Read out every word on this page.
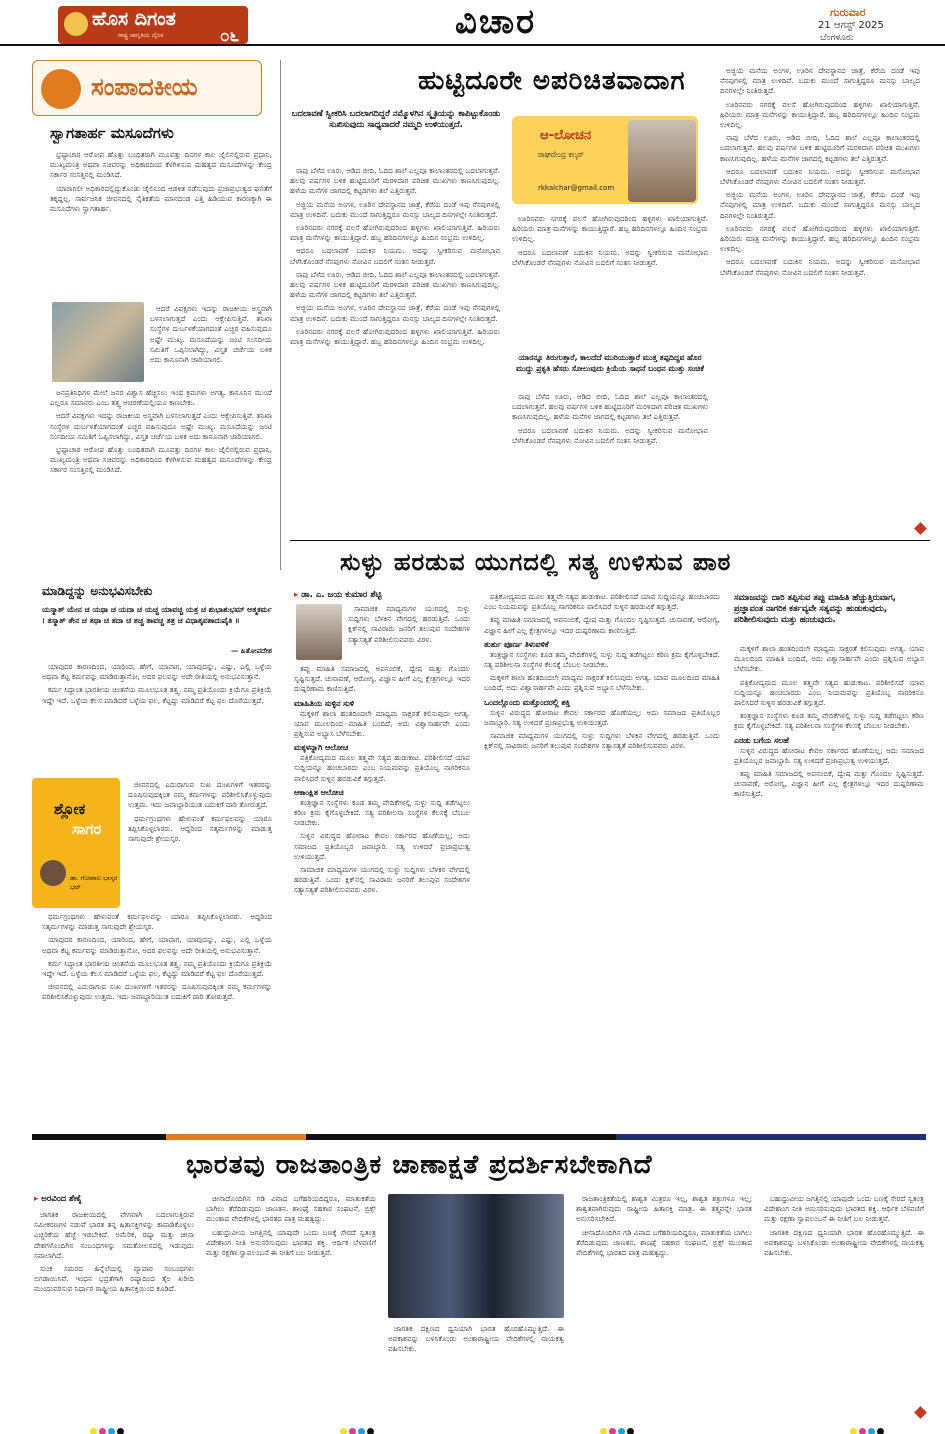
ಹೊಸ ದಿಗಂತ
ರಾಷ್ಟ್ರ ಜಾಗೃತಿಯ ದೈನಿಕ	೦೬	ವಿಚಾರ	ಗುರುವಾರ
21 ಆಗಸ್ಟ್ 2025
ಬೆಂಗಳೂರು
ಸಂಪಾದಕೀಯ
ಸ್ವಾಗತಾರ್ಹ ಮಸೂದೆಗಳು

ಭ್ರಷ್ಟಾಚಾರ ಆರೋಪ ಹೊತ್ತು ಬಂಧಿತರಾಗಿ ಮೂವತ್ತು ದಿನಗಳ ಕಾಲ ಜೈಲಿನಲ್ಲಿರುವ ಪ್ರಧಾನಿ, ಮುಖ್ಯಮಂತ್ರಿ ಅಥವಾ ಸಚಿವರನ್ನು ಅಧಿಕಾರದಿಂದ ಕೆಳಗಿಳಿಸುವ ಮಹತ್ವದ ಮಸೂದೆಗಳನ್ನು ಕೇಂದ್ರ ಸರ್ಕಾರ ಸಂಸತ್ತಿನಲ್ಲಿ ಮಂಡಿಸಿದೆ.

ಯಾರಾಗಲೀ ಅಧಿಕಾರದಲ್ಲಿದ್ದುಕೊಂಡು ಜೈಲಿನಿಂದ ಆಡಳಿತ ನಡೆಸುವುದು ಪ್ರಜಾಪ್ರಭುತ್ವದ ಘನತೆಗೆ ತಕ್ಕದ್ದಲ್ಲ. ಸಾರ್ವಜನಿಕ ಜೀವನದಲ್ಲಿ ನೈತಿಕತೆಯ ಮಾನದಂಡ ಎತ್ತಿ ಹಿಡಿಯುವ ಕಾರಣಕ್ಕಾಗಿ ಈ ಮಸೂದೆಗಳು ಸ್ವಾಗತಾರ್ಹ.

ಆದರೆ ವಿಪಕ್ಷಗಳು ಇದನ್ನು ರಾಜಕೀಯ ಅಸ್ತ್ರವಾಗಿ ಬಳಸಲಾಗುತ್ತದೆ ಎಂದು ಆಕ್ಷೇಪಿಸುತ್ತಿವೆ. ತನಿಖಾ ಸಂಸ್ಥೆಗಳ ದುರ್ಬಳಕೆಯಾಗದಂತೆ ಎಚ್ಚರ ವಹಿಸುವುದೂ ಅಷ್ಟೇ ಮುಖ್ಯ. ಮಸೂದೆಯನ್ನು ಜಂಟಿ ಸಂಸದೀಯ ಸಮಿತಿಗೆ ಒಪ್ಪಿಸಲಾಗಿದ್ದು, ವಿಸ್ತೃತ ಚರ್ಚೆಯ ಬಳಿಕ ಅದು ಕಾನೂನಾಗಿ ಜಾರಿಯಾಗಲಿ.

ಜನಪ್ರತಿನಿಧಿಗಳ ಮೇಲೆ ಜನರ ವಿಶ್ವಾಸ ಹೆಚ್ಚಿಸಲು ಇಂಥ ಕ್ರಮಗಳು ಅಗತ್ಯ. ಕಾನೂನಿನ ಮುಂದೆ ಎಲ್ಲರೂ ಸಮಾನರು ಎಂಬ ತತ್ತ್ವ ಆಚರಣೆಯಲ್ಲಿಯೂ ಕಾಣಬೇಕು.

ಆದರೆ ವಿಪಕ್ಷಗಳು ಇದನ್ನು ರಾಜಕೀಯ ಅಸ್ತ್ರವಾಗಿ ಬಳಸಲಾಗುತ್ತದೆ ಎಂದು ಆಕ್ಷೇಪಿಸುತ್ತಿವೆ. ತನಿಖಾ ಸಂಸ್ಥೆಗಳ ದುರ್ಬಳಕೆಯಾಗದಂತೆ ಎಚ್ಚರ ವಹಿಸುವುದೂ ಅಷ್ಟೇ ಮುಖ್ಯ. ಮಸೂದೆಯನ್ನು ಜಂಟಿ ಸಂಸದೀಯ ಸಮಿತಿಗೆ ಒಪ್ಪಿಸಲಾಗಿದ್ದು, ವಿಸ್ತೃತ ಚರ್ಚೆಯ ಬಳಿಕ ಅದು ಕಾನೂನಾಗಿ ಜಾರಿಯಾಗಲಿ.

ಭ್ರಷ್ಟಾಚಾರ ಆರೋಪ ಹೊತ್ತು ಬಂಧಿತರಾಗಿ ಮೂವತ್ತು ದಿನಗಳ ಕಾಲ ಜೈಲಿನಲ್ಲಿರುವ ಪ್ರಧಾನಿ, ಮುಖ್ಯಮಂತ್ರಿ ಅಥವಾ ಸಚಿವರನ್ನು ಅಧಿಕಾರದಿಂದ ಕೆಳಗಿಳಿಸುವ ಮಹತ್ವದ ಮಸೂದೆಗಳನ್ನು ಕೇಂದ್ರ ಸರ್ಕಾರ ಸಂಸತ್ತಿನಲ್ಲಿ ಮಂಡಿಸಿದೆ.

ಹುಟ್ಟಿದೂರೇ ಅಪರಿಚಿತವಾದಾಗ
ಬದಲಾವಣೆ ಸ್ವೀಕರಿಸಿ ಬದಲಾಗದಿದ್ದರೆ ನಮ್ಮೊಳಗಿನ ಸ್ಮೃತಿಯನ್ನು ಕಾಪಿಟ್ಟುಕೊಂಡು ಸುಖಿಸುವುದು ಸಾಧ್ಯವಾದರೆ ನಮ್ಮದಿ ಉಳಿಯುತ್ತದೆ.
ಆ-ಲೋಚನ
ರಾಘವೇಂದ್ರ ಕಲ್ಕರ್
rkkalchar@gmail.com

ನಾವು ಬೆಳೆದ ಊರು, ಆಡಿದ ಬೀದಿ, ಓದಿದ ಶಾಲೆ ಎಲ್ಲವೂ ಕಾಲಾಂತರದಲ್ಲಿ ಬದಲಾಗುತ್ತವೆ. ಹಲವು ವರ್ಷಗಳ ಬಳಿಕ ಹುಟ್ಟಿದೂರಿಗೆ ಮರಳಿದಾಗ ಪರಿಚಿತ ಮುಖಗಳು ಕಾಣಸಿಗುವುದಿಲ್ಲ. ಹಳೆಯ ಮನೆಗಳ ಜಾಗದಲ್ಲಿ ಕಟ್ಟಡಗಳು ತಲೆ ಎತ್ತಿರುತ್ತವೆ.

ಅಜ್ಜಿಯ ಮನೆಯ ಅಂಗಳ, ಊರಿನ ದೇವಸ್ಥಾನದ ಜಾತ್ರೆ, ಕೆರೆಯ ದಂಡೆ ಇವು ನೆನಪುಗಳಲ್ಲಿ ಮಾತ್ರ ಉಳಿದಿವೆ. ಬದುಕು ಮುಂದೆ ಸಾಗುತ್ತಿದ್ದರೂ ಮನಸ್ಸು ಬಾಲ್ಯದ ದಿನಗಳಲ್ಲೇ ನಿಂತಿರುತ್ತದೆ.

ಊರಿನವರು ನಗರಕ್ಕೆ ವಲಸೆ ಹೋಗಿರುವುದರಿಂದ ಹಳ್ಳಿಗಳು ಖಾಲಿಯಾಗುತ್ತಿವೆ. ಹಿರಿಯರು ಮಾತ್ರ ಮನೆಗಳನ್ನು ಕಾಯುತ್ತಿದ್ದಾರೆ. ಹಬ್ಬ ಹರಿದಿನಗಳಲ್ಲೂ ಹಿಂದಿನ ಸಂಭ್ರಮ ಉಳಿದಿಲ್ಲ.

ಆದರೂ ಬದಲಾವಣೆ ಬದುಕಿನ ನಿಯಮ. ಅದನ್ನು ಸ್ವೀಕರಿಸುವ ಮನೋಭಾವ ಬೆಳೆಸಿಕೊಂಡರೆ ನೆನಪುಗಳು ನೋವಿನ ಬದಲಿಗೆ ಸಂತಸ ನೀಡುತ್ತವೆ.

ನಾವು ಬೆಳೆದ ಊರು, ಆಡಿದ ಬೀದಿ, ಓದಿದ ಶಾಲೆ ಎಲ್ಲವೂ ಕಾಲಾಂತರದಲ್ಲಿ ಬದಲಾಗುತ್ತವೆ. ಹಲವು ವರ್ಷಗಳ ಬಳಿಕ ಹುಟ್ಟಿದೂರಿಗೆ ಮರಳಿದಾಗ ಪರಿಚಿತ ಮುಖಗಳು ಕಾಣಸಿಗುವುದಿಲ್ಲ. ಹಳೆಯ ಮನೆಗಳ ಜಾಗದಲ್ಲಿ ಕಟ್ಟಡಗಳು ತಲೆ ಎತ್ತಿರುತ್ತವೆ.

ಅಜ್ಜಿಯ ಮನೆಯ ಅಂಗಳ, ಊರಿನ ದೇವಸ್ಥಾನದ ಜಾತ್ರೆ, ಕೆರೆಯ ದಂಡೆ ಇವು ನೆನಪುಗಳಲ್ಲಿ ಮಾತ್ರ ಉಳಿದಿವೆ. ಬದುಕು ಮುಂದೆ ಸಾಗುತ್ತಿದ್ದರೂ ಮನಸ್ಸು ಬಾಲ್ಯದ ದಿನಗಳಲ್ಲೇ ನಿಂತಿರುತ್ತದೆ.

ಊರಿನವರು ನಗರಕ್ಕೆ ವಲಸೆ ಹೋಗಿರುವುದರಿಂದ ಹಳ್ಳಿಗಳು ಖಾಲಿಯಾಗುತ್ತಿವೆ. ಹಿರಿಯರು ಮಾತ್ರ ಮನೆಗಳನ್ನು ಕಾಯುತ್ತಿದ್ದಾರೆ. ಹಬ್ಬ ಹರಿದಿನಗಳಲ್ಲೂ ಹಿಂದಿನ ಸಂಭ್ರಮ ಉಳಿದಿಲ್ಲ.

ಊರಿನವರು ನಗರಕ್ಕೆ ವಲಸೆ ಹೋಗಿರುವುದರಿಂದ ಹಳ್ಳಿಗಳು ಖಾಲಿಯಾಗುತ್ತಿವೆ. ಹಿರಿಯರು ಮಾತ್ರ ಮನೆಗಳನ್ನು ಕಾಯುತ್ತಿದ್ದಾರೆ. ಹಬ್ಬ ಹರಿದಿನಗಳಲ್ಲೂ ಹಿಂದಿನ ಸಂಭ್ರಮ ಉಳಿದಿಲ್ಲ.

ಆದರೂ ಬದಲಾವಣೆ ಬದುಕಿನ ನಿಯಮ. ಅದನ್ನು ಸ್ವೀಕರಿಸುವ ಮನೋಭಾವ ಬೆಳೆಸಿಕೊಂಡರೆ ನೆನಪುಗಳು ನೋವಿನ ಬದಲಿಗೆ ಸಂತಸ ನೀಡುತ್ತವೆ.

ಯಾರನ್ನೂ ತಿರುಗುತ್ತಾರೆ, ಕಾಲದೆದೆ ಮುರಿಯುತ್ತಾರೆ ಮುತ್ತ ತಪ್ಪದಿದ್ದವ ಹೊರ ಮುದ್ದು ಪ್ರಕೃತಿ ಹೆಸರು ಸೋಲುವುದು ಕ್ರಿಯೆಯ ಸಾಧನೆ ಬಂಧನ ಮುತ್ತು ಸಂಚಿಕೆ

ನಾವು ಬೆಳೆದ ಊರು, ಆಡಿದ ಬೀದಿ, ಓದಿದ ಶಾಲೆ ಎಲ್ಲವೂ ಕಾಲಾಂತರದಲ್ಲಿ ಬದಲಾಗುತ್ತವೆ. ಹಲವು ವರ್ಷಗಳ ಬಳಿಕ ಹುಟ್ಟಿದೂರಿಗೆ ಮರಳಿದಾಗ ಪರಿಚಿತ ಮುಖಗಳು ಕಾಣಸಿಗುವುದಿಲ್ಲ. ಹಳೆಯ ಮನೆಗಳ ಜಾಗದಲ್ಲಿ ಕಟ್ಟಡಗಳು ತಲೆ ಎತ್ತಿರುತ್ತವೆ.

ಆದರೂ ಬದಲಾವಣೆ ಬದುಕಿನ ನಿಯಮ. ಅದನ್ನು ಸ್ವೀಕರಿಸುವ ಮನೋಭಾವ ಬೆಳೆಸಿಕೊಂಡರೆ ನೆನಪುಗಳು ನೋವಿನ ಬದಲಿಗೆ ಸಂತಸ ನೀಡುತ್ತವೆ.

ಅಜ್ಜಿಯ ಮನೆಯ ಅಂಗಳ, ಊರಿನ ದೇವಸ್ಥಾನದ ಜಾತ್ರೆ, ಕೆರೆಯ ದಂಡೆ ಇವು ನೆನಪುಗಳಲ್ಲಿ ಮಾತ್ರ ಉಳಿದಿವೆ. ಬದುಕು ಮುಂದೆ ಸಾಗುತ್ತಿದ್ದರೂ ಮನಸ್ಸು ಬಾಲ್ಯದ ದಿನಗಳಲ್ಲೇ ನಿಂತಿರುತ್ತದೆ.

ಊರಿನವರು ನಗರಕ್ಕೆ ವಲಸೆ ಹೋಗಿರುವುದರಿಂದ ಹಳ್ಳಿಗಳು ಖಾಲಿಯಾಗುತ್ತಿವೆ. ಹಿರಿಯರು ಮಾತ್ರ ಮನೆಗಳನ್ನು ಕಾಯುತ್ತಿದ್ದಾರೆ. ಹಬ್ಬ ಹರಿದಿನಗಳಲ್ಲೂ ಹಿಂದಿನ ಸಂಭ್ರಮ ಉಳಿದಿಲ್ಲ.

ನಾವು ಬೆಳೆದ ಊರು, ಆಡಿದ ಬೀದಿ, ಓದಿದ ಶಾಲೆ ಎಲ್ಲವೂ ಕಾಲಾಂತರದಲ್ಲಿ ಬದಲಾಗುತ್ತವೆ. ಹಲವು ವರ್ಷಗಳ ಬಳಿಕ ಹುಟ್ಟಿದೂರಿಗೆ ಮರಳಿದಾಗ ಪರಿಚಿತ ಮುಖಗಳು ಕಾಣಸಿಗುವುದಿಲ್ಲ. ಹಳೆಯ ಮನೆಗಳ ಜಾಗದಲ್ಲಿ ಕಟ್ಟಡಗಳು ತಲೆ ಎತ್ತಿರುತ್ತವೆ.

ಆದರೂ ಬದಲಾವಣೆ ಬದುಕಿನ ನಿಯಮ. ಅದನ್ನು ಸ್ವೀಕರಿಸುವ ಮನೋಭಾವ ಬೆಳೆಸಿಕೊಂಡರೆ ನೆನಪುಗಳು ನೋವಿನ ಬದಲಿಗೆ ಸಂತಸ ನೀಡುತ್ತವೆ.

ಅಜ್ಜಿಯ ಮನೆಯ ಅಂಗಳ, ಊರಿನ ದೇವಸ್ಥಾನದ ಜಾತ್ರೆ, ಕೆರೆಯ ದಂಡೆ ಇವು ನೆನಪುಗಳಲ್ಲಿ ಮಾತ್ರ ಉಳಿದಿವೆ. ಬದುಕು ಮುಂದೆ ಸಾಗುತ್ತಿದ್ದರೂ ಮನಸ್ಸು ಬಾಲ್ಯದ ದಿನಗಳಲ್ಲೇ ನಿಂತಿರುತ್ತದೆ.

ಊರಿನವರು ನಗರಕ್ಕೆ ವಲಸೆ ಹೋಗಿರುವುದರಿಂದ ಹಳ್ಳಿಗಳು ಖಾಲಿಯಾಗುತ್ತಿವೆ. ಹಿರಿಯರು ಮಾತ್ರ ಮನೆಗಳನ್ನು ಕಾಯುತ್ತಿದ್ದಾರೆ. ಹಬ್ಬ ಹರಿದಿನಗಳಲ್ಲೂ ಹಿಂದಿನ ಸಂಭ್ರಮ ಉಳಿದಿಲ್ಲ.

ಆದರೂ ಬದಲಾವಣೆ ಬದುಕಿನ ನಿಯಮ. ಅದನ್ನು ಸ್ವೀಕರಿಸುವ ಮನೋಭಾವ ಬೆಳೆಸಿಕೊಂಡರೆ ನೆನಪುಗಳು ನೋವಿನ ಬದಲಿಗೆ ಸಂತಸ ನೀಡುತ್ತವೆ.

ಮಾಡಿದ್ದನ್ನು ಅನುಭವಿಸಬೇಕು
ಯಸ್ಮಾತ್ ಯೇನ ಚ ಯಥಾ ಚ ಯದಾ ಚ ಯಚ್ಚ ಯಾವಚ್ಚ ಯತ್ರ ಚ ಶುಭಾಶುಭಮ್ ಆತ್ಮಕರ್ಮ । ತಸ್ಮಾತ್ ತೇನ ಚ ತಥಾ ಚ ತದಾ ಚ ತಚ್ಚ ತಾವಚ್ಚ ತತ್ರ ಚ ವಿಧಾತೃವಶಾದುಪೈತಿ ॥
— ಹಿತೋಪದೇಶ

ಯಾವುದರ ಕಾರಣದಿಂದ, ಯಾರಿಂದ, ಹೇಗೆ, ಯಾವಾಗ, ಯಾವುದನ್ನು, ಎಷ್ಟು, ಎಲ್ಲಿ ಒಳ್ಳೆಯ ಅಥವಾ ಕೆಟ್ಟ ಕರ್ಮವನ್ನು ಮಾಡಿರುತ್ತಾನೋ, ಅದರ ಫಲವನ್ನು ಅದೇ ರೀತಿಯಲ್ಲಿ ಅನುಭವಿಸುತ್ತಾನೆ.

ಕರ್ಮ ಸಿದ್ಧಾಂತ ಭಾರತೀಯ ಚಿಂತನೆಯ ಮೂಲಭೂತ ತತ್ತ್ವ. ನಮ್ಮ ಪ್ರತಿಯೊಂದು ಕ್ರಿಯೆಗೂ ಪ್ರತಿಕ್ರಿಯೆ ಇದ್ದೇ ಇದೆ. ಒಳ್ಳೆಯ ಕೆಲಸ ಮಾಡಿದರೆ ಒಳ್ಳೆಯ ಫಲ, ಕೆಟ್ಟದ್ದು ಮಾಡಿದರೆ ಕೆಟ್ಟ ಫಲ ದೊರೆಯುತ್ತದೆ.

ಶ್ಲೋಕ
ಸಾಗರ
ಡಾ. ಗೋಪಾಲ ಭಾಸ್ಕರ ಭಟ್

ಜೀವನದಲ್ಲಿ ಎದುರಾಗುವ ಸುಖ ದುಃಖಗಳಿಗೆ ಇತರರನ್ನು ದೂಷಿಸುವುದಕ್ಕಿಂತ ನಮ್ಮ ಕರ್ಮಗಳನ್ನು ಪರಿಶೀಲಿಸಿಕೊಳ್ಳುವುದು ಉತ್ತಮ. ಇದು ಜವಾಬ್ದಾರಿಯುತ ಬದುಕಿಗೆ ದಾರಿ ತೋರುತ್ತದೆ.

ಧರ್ಮಗ್ರಂಥಗಳು ಹೇಳುವಂತೆ ಕರ್ಮಫಲವನ್ನು ಯಾರೂ ತಪ್ಪಿಸಿಕೊಳ್ಳಲಾರರು. ಆದ್ದರಿಂದ ಸತ್ಕರ್ಮಗಳನ್ನು ಮಾಡುತ್ತ ಸಾಗುವುದೇ ಶ್ರೇಯಸ್ಕರ.

ಧರ್ಮಗ್ರಂಥಗಳು ಹೇಳುವಂತೆ ಕರ್ಮಫಲವನ್ನು ಯಾರೂ ತಪ್ಪಿಸಿಕೊಳ್ಳಲಾರರು. ಆದ್ದರಿಂದ ಸತ್ಕರ್ಮಗಳನ್ನು ಮಾಡುತ್ತ ಸಾಗುವುದೇ ಶ್ರೇಯಸ್ಕರ.

ಯಾವುದರ ಕಾರಣದಿಂದ, ಯಾರಿಂದ, ಹೇಗೆ, ಯಾವಾಗ, ಯಾವುದನ್ನು, ಎಷ್ಟು, ಎಲ್ಲಿ ಒಳ್ಳೆಯ ಅಥವಾ ಕೆಟ್ಟ ಕರ್ಮವನ್ನು ಮಾಡಿರುತ್ತಾನೋ, ಅದರ ಫಲವನ್ನು ಅದೇ ರೀತಿಯಲ್ಲಿ ಅನುಭವಿಸುತ್ತಾನೆ.

ಕರ್ಮ ಸಿದ್ಧಾಂತ ಭಾರತೀಯ ಚಿಂತನೆಯ ಮೂಲಭೂತ ತತ್ತ್ವ. ನಮ್ಮ ಪ್ರತಿಯೊಂದು ಕ್ರಿಯೆಗೂ ಪ್ರತಿಕ್ರಿಯೆ ಇದ್ದೇ ಇದೆ. ಒಳ್ಳೆಯ ಕೆಲಸ ಮಾಡಿದರೆ ಒಳ್ಳೆಯ ಫಲ, ಕೆಟ್ಟದ್ದು ಮಾಡಿದರೆ ಕೆಟ್ಟ ಫಲ ದೊರೆಯುತ್ತದೆ.

ಜೀವನದಲ್ಲಿ ಎದುರಾಗುವ ಸುಖ ದುಃಖಗಳಿಗೆ ಇತರರನ್ನು ದೂಷಿಸುವುದಕ್ಕಿಂತ ನಮ್ಮ ಕರ್ಮಗಳನ್ನು ಪರಿಶೀಲಿಸಿಕೊಳ್ಳುವುದು ಉತ್ತಮ. ಇದು ಜವಾಬ್ದಾರಿಯುತ ಬದುಕಿಗೆ ದಾರಿ ತೋರುತ್ತದೆ.

ಸುಳ್ಳು ಹರಡುವ ಯುಗದಲ್ಲಿ ಸತ್ಯ ಉಳಿಸುವ ಪಾಠ
▸ ಡಾ. ಎ. ಜಯ ಕುಮಾರ ಶೆಟ್ಟಿ

ಸಾಮಾಜಿಕ ಮಾಧ್ಯಮಗಳ ಯುಗದಲ್ಲಿ ಸುಳ್ಳು ಸುದ್ದಿಗಳು ಬೆಳಕಿನ ವೇಗದಲ್ಲಿ ಹರಡುತ್ತಿವೆ. ಒಂದು ಕ್ಲಿಕ್‌ನಲ್ಲಿ ಸಾವಿರಾರು ಜನರಿಗೆ ತಲುಪುವ ಸಂದೇಶಗಳ ಸತ್ಯಾಸತ್ಯತೆ ಪರಿಶೀಲಿಸುವವರು ವಿರಳ.

ಸಮಾಜವನ್ನು ದಾರಿ ತಪ್ಪಿಸುವ ತಪ್ಪು ಮಾಹಿತಿ ಹೆಚ್ಚುತ್ತಿರುವಾಗ, ಪ್ರಜ್ಞಾವಂತ ನಾಗರಿಕ ಕರ್ತವ್ಯವೇ ಸತ್ಯವನ್ನು ಹುಡುಕುವುದು, ಪರಿಶೀಲಿಸುವುದು ಮತ್ತು ಹಂಚುವುದು.

ತಪ್ಪು ಮಾಹಿತಿ ಸಮಾಜದಲ್ಲಿ ಅಪನಂಬಿಕೆ, ದ್ವೇಷ ಮತ್ತು ಗೊಂದಲ ಸೃಷ್ಟಿಸುತ್ತದೆ. ಚುನಾವಣೆ, ಆರೋಗ್ಯ, ವಿಜ್ಞಾನ ಹೀಗೆ ಎಲ್ಲ ಕ್ಷೇತ್ರಗಳಲ್ಲೂ ಇದರ ದುಷ್ಪರಿಣಾಮ ಕಾಣಿಸುತ್ತಿದೆ.

ಮಾಹಿತಿಯ ಸುಳ್ಳಿನ ಸುಳಿ

ಮಕ್ಕಳಿಗೆ ಶಾಲಾ ಹಂತದಿಂದಲೇ ಮಾಧ್ಯಮ ಸಾಕ್ಷರತೆ ಕಲಿಸುವುದು ಅಗತ್ಯ. ಯಾವ ಮೂಲದಿಂದ ಮಾಹಿತಿ ಬಂದಿದೆ, ಅದು ವಿಶ್ವಾಸಾರ್ಹವೇ ಎಂದು ಪ್ರಶ್ನಿಸುವ ಅಭ್ಯಾಸ ಬೆಳೆಸಬೇಕು.

ಮಕ್ಕಳನ್ನಾಗಿ ಆಲೋಚ

ಪತ್ರಿಕೋದ್ಯಮದ ಮೂಲ ತತ್ತ್ವವೇ ಸತ್ಯದ ಹುಡುಕಾಟ. ಪರಿಶೀಲಿಸದೆ ಯಾವ ಸುದ್ದಿಯನ್ನೂ ಹಂಚಬಾರದು ಎಂಬ ನಿಯಮವನ್ನು ಪ್ರತಿಯೊಬ್ಬ ನಾಗರಿಕನೂ ಪಾಲಿಸಿದರೆ ಸುಳ್ಳಿನ ಹರಡುವಿಕೆ ತಗ್ಗುತ್ತದೆ.

ಆಕಾಂಕ್ಷಿತ ಆಲೋಚ

ತಂತ್ರಜ್ಞಾನ ಸಂಸ್ಥೆಗಳು ಕೂಡ ತಮ್ಮ ವೇದಿಕೆಗಳಲ್ಲಿ ಸುಳ್ಳು ಸುದ್ದಿ ತಡೆಗಟ್ಟಲು ಕಠಿಣ ಕ್ರಮ ಕೈಗೊಳ್ಳಬೇಕಿದೆ. ಸತ್ಯ ಪರಿಶೀಲನಾ ಸಂಸ್ಥೆಗಳ ಕೆಲಸಕ್ಕೆ ಬೆಂಬಲ ನೀಡಬೇಕು.

ಸುಳ್ಳಿನ ವಿರುದ್ಧದ ಹೋರಾಟ ಕೇವಲ ಸರ್ಕಾರದ ಹೊಣೆಯಲ್ಲ; ಅದು ಸಮಾಜದ ಪ್ರತಿಯೊಬ್ಬರ ಜವಾಬ್ದಾರಿ. ಸತ್ಯ ಉಳಿದರೆ ಪ್ರಜಾಪ್ರಭುತ್ವ ಉಳಿಯುತ್ತದೆ.

ಸಾಮಾಜಿಕ ಮಾಧ್ಯಮಗಳ ಯುಗದಲ್ಲಿ ಸುಳ್ಳು ಸುದ್ದಿಗಳು ಬೆಳಕಿನ ವೇಗದಲ್ಲಿ ಹರಡುತ್ತಿವೆ. ಒಂದು ಕ್ಲಿಕ್‌ನಲ್ಲಿ ಸಾವಿರಾರು ಜನರಿಗೆ ತಲುಪುವ ಸಂದೇಶಗಳ ಸತ್ಯಾಸತ್ಯತೆ ಪರಿಶೀಲಿಸುವವರು ವಿರಳ.

ಪತ್ರಿಕೋದ್ಯಮದ ಮೂಲ ತತ್ತ್ವವೇ ಸತ್ಯದ ಹುಡುಕಾಟ. ಪರಿಶೀಲಿಸದೆ ಯಾವ ಸುದ್ದಿಯನ್ನೂ ಹಂಚಬಾರದು ಎಂಬ ನಿಯಮವನ್ನು ಪ್ರತಿಯೊಬ್ಬ ನಾಗರಿಕನೂ ಪಾಲಿಸಿದರೆ ಸುಳ್ಳಿನ ಹರಡುವಿಕೆ ತಗ್ಗುತ್ತದೆ.

ತಪ್ಪು ಮಾಹಿತಿ ಸಮಾಜದಲ್ಲಿ ಅಪನಂಬಿಕೆ, ದ್ವೇಷ ಮತ್ತು ಗೊಂದಲ ಸೃಷ್ಟಿಸುತ್ತದೆ. ಚುನಾವಣೆ, ಆರೋಗ್ಯ, ವಿಜ್ಞಾನ ಹೀಗೆ ಎಲ್ಲ ಕ್ಷೇತ್ರಗಳಲ್ಲೂ ಇದರ ದುಷ್ಪರಿಣಾಮ ಕಾಣಿಸುತ್ತಿದೆ.

ತುರ್ತು ಪೂರ್ಣ ತಿಳುವಳಿಕೆ

ತಂತ್ರಜ್ಞಾನ ಸಂಸ್ಥೆಗಳು ಕೂಡ ತಮ್ಮ ವೇದಿಕೆಗಳಲ್ಲಿ ಸುಳ್ಳು ಸುದ್ದಿ ತಡೆಗಟ್ಟಲು ಕಠಿಣ ಕ್ರಮ ಕೈಗೊಳ್ಳಬೇಕಿದೆ. ಸತ್ಯ ಪರಿಶೀಲನಾ ಸಂಸ್ಥೆಗಳ ಕೆಲಸಕ್ಕೆ ಬೆಂಬಲ ನೀಡಬೇಕು.

ಮಕ್ಕಳಿಗೆ ಶಾಲಾ ಹಂತದಿಂದಲೇ ಮಾಧ್ಯಮ ಸಾಕ್ಷರತೆ ಕಲಿಸುವುದು ಅಗತ್ಯ. ಯಾವ ಮೂಲದಿಂದ ಮಾಹಿತಿ ಬಂದಿದೆ, ಅದು ವಿಶ್ವಾಸಾರ್ಹವೇ ಎಂದು ಪ್ರಶ್ನಿಸುವ ಅಭ್ಯಾಸ ಬೆಳೆಸಬೇಕು.

ಒಂದಲ್ಲೊಂದು ಮತ್ತೊಂದರಲ್ಲಿ ಶಕ್ತಿ

ಸುಳ್ಳಿನ ವಿರುದ್ಧದ ಹೋರಾಟ ಕೇವಲ ಸರ್ಕಾರದ ಹೊಣೆಯಲ್ಲ; ಅದು ಸಮಾಜದ ಪ್ರತಿಯೊಬ್ಬರ ಜವಾಬ್ದಾರಿ. ಸತ್ಯ ಉಳಿದರೆ ಪ್ರಜಾಪ್ರಭುತ್ವ ಉಳಿಯುತ್ತದೆ.

ಸಾಮಾಜಿಕ ಮಾಧ್ಯಮಗಳ ಯುಗದಲ್ಲಿ ಸುಳ್ಳು ಸುದ್ದಿಗಳು ಬೆಳಕಿನ ವೇಗದಲ್ಲಿ ಹರಡುತ್ತಿವೆ. ಒಂದು ಕ್ಲಿಕ್‌ನಲ್ಲಿ ಸಾವಿರಾರು ಜನರಿಗೆ ತಲುಪುವ ಸಂದೇಶಗಳ ಸತ್ಯಾಸತ್ಯತೆ ಪರಿಶೀಲಿಸುವವರು ವಿರಳ.

ಮಕ್ಕಳಿಗೆ ಶಾಲಾ ಹಂತದಿಂದಲೇ ಮಾಧ್ಯಮ ಸಾಕ್ಷರತೆ ಕಲಿಸುವುದು ಅಗತ್ಯ. ಯಾವ ಮೂಲದಿಂದ ಮಾಹಿತಿ ಬಂದಿದೆ, ಅದು ವಿಶ್ವಾಸಾರ್ಹವೇ ಎಂದು ಪ್ರಶ್ನಿಸುವ ಅಭ್ಯಾಸ ಬೆಳೆಸಬೇಕು.

ಪತ್ರಿಕೋದ್ಯಮದ ಮೂಲ ತತ್ತ್ವವೇ ಸತ್ಯದ ಹುಡುಕಾಟ. ಪರಿಶೀಲಿಸದೆ ಯಾವ ಸುದ್ದಿಯನ್ನೂ ಹಂಚಬಾರದು ಎಂಬ ನಿಯಮವನ್ನು ಪ್ರತಿಯೊಬ್ಬ ನಾಗರಿಕನೂ ಪಾಲಿಸಿದರೆ ಸುಳ್ಳಿನ ಹರಡುವಿಕೆ ತಗ್ಗುತ್ತದೆ.

ತಂತ್ರಜ್ಞಾನ ಸಂಸ್ಥೆಗಳು ಕೂಡ ತಮ್ಮ ವೇದಿಕೆಗಳಲ್ಲಿ ಸುಳ್ಳು ಸುದ್ದಿ ತಡೆಗಟ್ಟಲು ಕಠಿಣ ಕ್ರಮ ಕೈಗೊಳ್ಳಬೇಕಿದೆ. ಸತ್ಯ ಪರಿಶೀಲನಾ ಸಂಸ್ಥೆಗಳ ಕೆಲಸಕ್ಕೆ ಬೆಂಬಲ ನೀಡಬೇಕು.

ಎರಡು ಬಗೆಯ ಸಲಹೆ

ಸುಳ್ಳಿನ ವಿರುದ್ಧದ ಹೋರಾಟ ಕೇವಲ ಸರ್ಕಾರದ ಹೊಣೆಯಲ್ಲ; ಅದು ಸಮಾಜದ ಪ್ರತಿಯೊಬ್ಬರ ಜವಾಬ್ದಾರಿ. ಸತ್ಯ ಉಳಿದರೆ ಪ್ರಜಾಪ್ರಭುತ್ವ ಉಳಿಯುತ್ತದೆ.

ತಪ್ಪು ಮಾಹಿತಿ ಸಮಾಜದಲ್ಲಿ ಅಪನಂಬಿಕೆ, ದ್ವೇಷ ಮತ್ತು ಗೊಂದಲ ಸೃಷ್ಟಿಸುತ್ತದೆ. ಚುನಾವಣೆ, ಆರೋಗ್ಯ, ವಿಜ್ಞಾನ ಹೀಗೆ ಎಲ್ಲ ಕ್ಷೇತ್ರಗಳಲ್ಲೂ ಇದರ ದುಷ್ಪರಿಣಾಮ ಕಾಣಿಸುತ್ತಿದೆ.

ಭಾರತವು ರಾಜತಾಂತ್ರಿಕ ಚಾಣಾಕ್ಷತೆ ಪ್ರದರ್ಶಿಸಬೇಕಾಗಿದೆ
▸ ಅರವಿಂದ ಶೆಣೈ

ಜಾಗತಿಕ ರಾಜಕೀಯದಲ್ಲಿ ವೇಗವಾಗಿ ಬದಲಾಗುತ್ತಿರುವ ಸಮೀಕರಣಗಳ ನಡುವೆ ಭಾರತ ತನ್ನ ಹಿತಾಸಕ್ತಿಗಳನ್ನು ಕಾಪಾಡಿಕೊಳ್ಳಲು ಎಚ್ಚರಿಕೆಯ ಹೆಜ್ಜೆ ಇಡಬೇಕಿದೆ. ಅಮೆರಿಕ, ರಷ್ಯಾ ಮತ್ತು ಚೀನಾ ದೇಶಗಳೊಂದಿಗಿನ ಸಂಬಂಧಗಳನ್ನು ಸಮತೋಲನದಲ್ಲಿ ಇಡುವುದು ಸವಾಲಾಗಿದೆ.

ಸುಂಕ ಸಮರದ ಹಿನ್ನೆಲೆಯಲ್ಲಿ ವ್ಯಾಪಾರ ಸಂಬಂಧಗಳು ಬಿಗಡಾಯಿಸಿವೆ. ಇಂಧನ ಭದ್ರತೆಗಾಗಿ ರಷ್ಯಾದಿಂದ ತೈಲ ಖರೀದಿ ಮುಂದುವರಿಸುವ ನಿರ್ಧಾರ ರಾಷ್ಟ್ರೀಯ ಹಿತಾಸಕ್ತಿಯಿಂದ ಕೂಡಿದೆ.

ಚೀನಾದೊಂದಿಗಿನ ಗಡಿ ವಿವಾದ ಬಗೆಹರಿಯದಿದ್ದರೂ, ಮಾತುಕತೆಯ ಬಾಗಿಲು ತೆರೆದಿಡುವುದು ಜಾಣತನ. ಶಾಂಘೈ ಸಹಕಾರ ಸಂಘಟನೆ, ಬ್ರಿಕ್ಸ್ ಮುಂತಾದ ವೇದಿಕೆಗಳಲ್ಲಿ ಭಾರತದ ಪಾತ್ರ ಮಹತ್ವದ್ದು.

ಬಹುಧ್ರುವೀಯ ಜಗತ್ತಿನಲ್ಲಿ ಯಾವುದೇ ಒಂದು ಬಣಕ್ಕೆ ಸೇರದೆ ಸ್ವತಂತ್ರ ವಿದೇಶಾಂಗ ನೀತಿ ಅನುಸರಿಸುವುದು ಭಾರತದ ಶಕ್ತಿ. ಆರ್ಥಿಕ ಬೆಳವಣಿಗೆ ಮತ್ತು ರಕ್ಷಣಾ ಸ್ವಾವಲಂಬನೆ ಈ ನೀತಿಗೆ ಬಲ ನೀಡುತ್ತವೆ.

ಜಾಗತಿಕ ದಕ್ಷಿಣದ ಧ್ವನಿಯಾಗಿ ಭಾರತ ಹೊರಹೊಮ್ಮುತ್ತಿದೆ. ಈ ಅವಕಾಶವನ್ನು ಬಳಸಿಕೊಂಡು ಅಂತಾರಾಷ್ಟ್ರೀಯ ವೇದಿಕೆಗಳಲ್ಲಿ ನಾಯಕತ್ವ ವಹಿಸಬೇಕು.

ರಾಜತಾಂತ್ರಿಕತೆಯಲ್ಲಿ ಶಾಶ್ವತ ಮಿತ್ರರೂ ಇಲ್ಲ, ಶಾಶ್ವತ ಶತ್ರುಗಳೂ ಇಲ್ಲ; ಶಾಶ್ವತವಾಗಿರುವುದು ರಾಷ್ಟ್ರೀಯ ಹಿತಾಸಕ್ತಿ ಮಾತ್ರ. ಈ ತತ್ತ್ವವನ್ನೇ ಭಾರತ ಅನುಸರಿಸಬೇಕಿದೆ.

ಚೀನಾದೊಂದಿಗಿನ ಗಡಿ ವಿವಾದ ಬಗೆಹರಿಯದಿದ್ದರೂ, ಮಾತುಕತೆಯ ಬಾಗಿಲು ತೆರೆದಿಡುವುದು ಜಾಣತನ. ಶಾಂಘೈ ಸಹಕಾರ ಸಂಘಟನೆ, ಬ್ರಿಕ್ಸ್ ಮುಂತಾದ ವೇದಿಕೆಗಳಲ್ಲಿ ಭಾರತದ ಪಾತ್ರ ಮಹತ್ವದ್ದು.

ಬಹುಧ್ರುವೀಯ ಜಗತ್ತಿನಲ್ಲಿ ಯಾವುದೇ ಒಂದು ಬಣಕ್ಕೆ ಸೇರದೆ ಸ್ವತಂತ್ರ ವಿದೇಶಾಂಗ ನೀತಿ ಅನುಸರಿಸುವುದು ಭಾರತದ ಶಕ್ತಿ. ಆರ್ಥಿಕ ಬೆಳವಣಿಗೆ ಮತ್ತು ರಕ್ಷಣಾ ಸ್ವಾವಲಂಬನೆ ಈ ನೀತಿಗೆ ಬಲ ನೀಡುತ್ತವೆ.

ಜಾಗತಿಕ ದಕ್ಷಿಣದ ಧ್ವನಿಯಾಗಿ ಭಾರತ ಹೊರಹೊಮ್ಮುತ್ತಿದೆ. ಈ ಅವಕಾಶವನ್ನು ಬಳಸಿಕೊಂಡು ಅಂತಾರಾಷ್ಟ್ರೀಯ ವೇದಿಕೆಗಳಲ್ಲಿ ನಾಯಕತ್ವ ವಹಿಸಬೇಕು.
